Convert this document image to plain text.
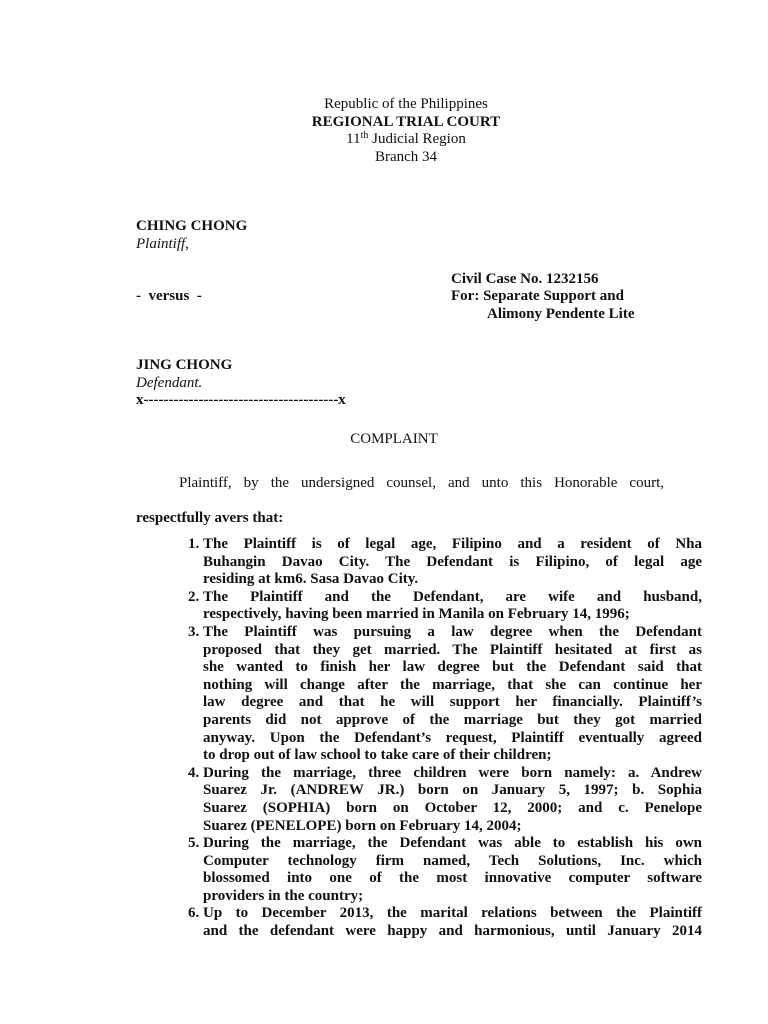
Republic of the Philippines
REGIONAL TRIAL COURT
11th Judicial Region
Branch 34
CHING CHONG
Plaintiff,
Civil Case No. 1232156
-  versus  -	For: Separate Support and
Alimony Pendente Lite
JING CHONG
Defendant.
x---------------------------------------x
COMPLAINT

Plaintiff, by the undersigned counsel, and unto this Honorable court,

respectfully avers that:
1. The Plaintiff is of legal age, Filipino and a resident of Nha
Buhangin Davao City. The Defendant is Filipino, of legal age
residing at km6. Sasa Davao City.
2. The Plaintiff and the Defendant, are wife and husband,
respectively, having been married in Manila on February 14, 1996;
3. The Plaintiff was pursuing a law degree when the Defendant
proposed that they get married. The Plaintiff hesitated at first as
she wanted to finish her law degree but the Defendant said that
nothing will change after the marriage, that she can continue her
law degree and that he will support her financially. Plaintiff’s
parents did not approve of the marriage but they got married
anyway. Upon the Defendant’s request, Plaintiff eventually agreed
to drop out of law school to take care of their children;
4. During the marriage, three children were born namely: a. Andrew
Suarez Jr. (ANDREW JR.) born on January 5, 1997; b. Sophia
Suarez (SOPHIA) born on October 12, 2000; and c. Penelope
Suarez (PENELOPE) born on February 14, 2004;
5. During the marriage, the Defendant was able to establish his own
Computer technology firm named, Tech Solutions, Inc. which
blossomed into one of the most innovative computer software
providers in the country;
6. Up to December 2013, the marital relations between the Plaintiff
and the defendant were happy and harmonious, until January 2014
